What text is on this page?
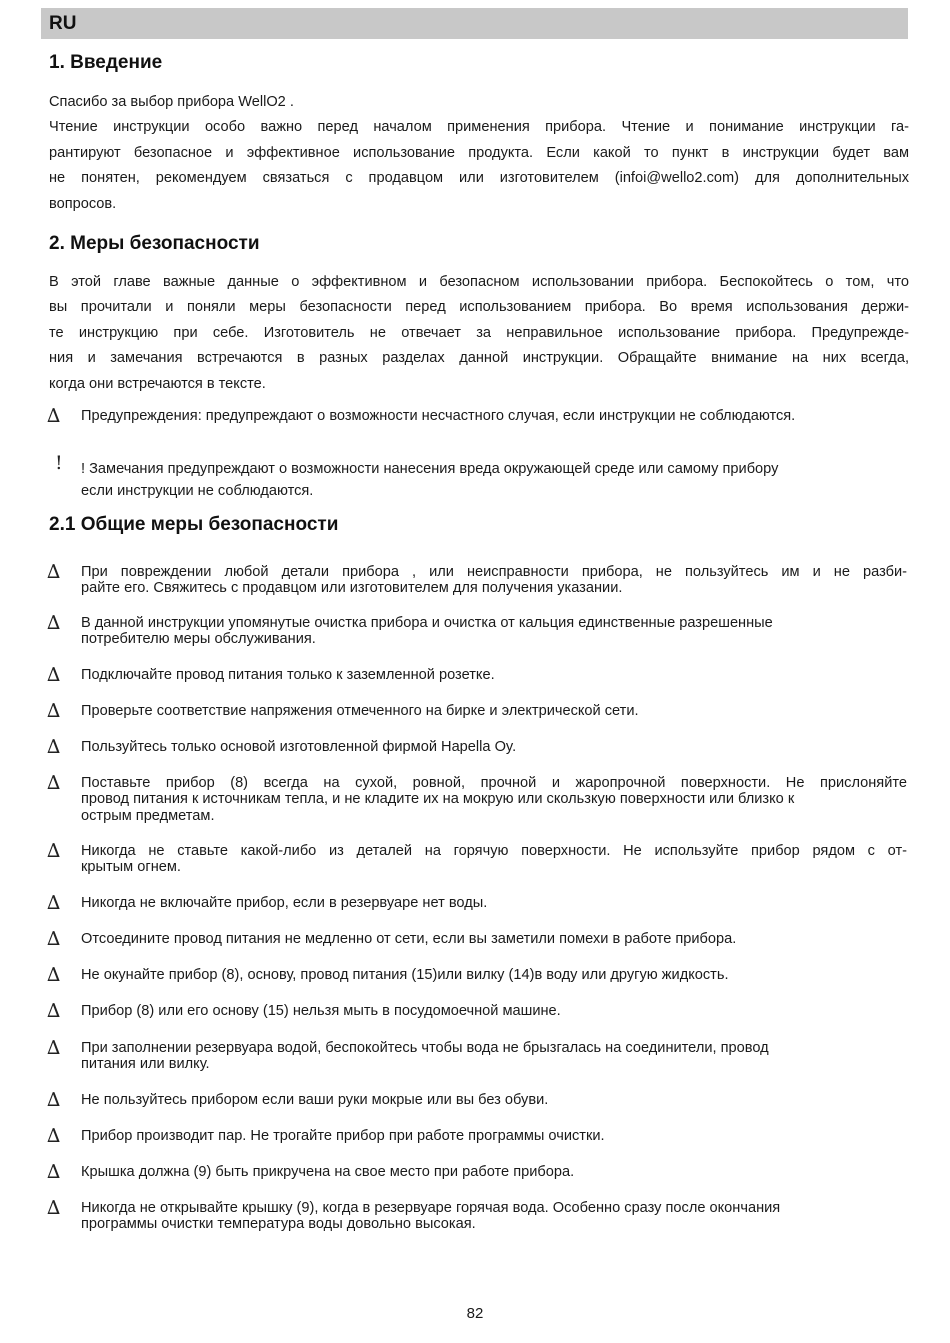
RU
1. Введение

Спасибо за выбор прибора WellO2 .
Чтение инструкции особо важно перед началом применения прибора. Чтение и понимание инструкции га-
рантируют безопасное и эффективное использование продукта. Если какой то пункт в инструкции будет вам
не понятен, рекомендуем связаться с продавцом или изготовителем (infoi@wello2.com) для дополнительных
вопросов.

2. Меры безопасности

В этой главе важные данные о эффективном и безопасном использовании прибора. Беспокойтесь о том, что
вы прочитали и поняли меры безопасности перед использованием прибора. Во время использования держи-
те инструкцию при себе. Изготовитель не отвечает за неправильное использование прибора. Предупрежде-
ния и замечания встречаются в разных разделах данной инструкции. Обращайте внимание на них всегда,
когда они встречаются в тексте.

∆	Предупреждения: предупреждают о возможности несчастного случая, если инструкции не соблюдаются.
!	! Замечания предупреждают о возможности нанесения вреда окружающей среде или самому прибору
если инструкции не соблюдаются.
2.1 Общие меры безопасности
∆	При повреждении любой детали прибора , или неисправности прибора, не пользуйтесь им и не разби-
райте его. Свяжитесь с продавцом или изготовителем для получения указании.
∆	В данной инструкции упомянутые очистка прибора и очистка от кальция единственные разрешенные
потребителю меры обслуживания.
∆	Подключайте провод питания только к заземленной розетке.
∆	Проверьте соответствие напряжения отмеченного на бирке и электрической сети.
∆	Пользуйтесь только основой изготовленной фирмой Hapella Oy.
∆	Поставьте прибор (8) всегда на сухой, ровной, прочной и жаропрочной поверхности. Не прислоняйте
провод питания к источникам тепла, и не кладите их на мокрую или скользкую поверхности или близко к
острым предметам.
∆	Никогда не ставьте какой-либо из деталей на горячую поверхности. Не используйте прибор рядом с от-
крытым огнем.
∆	Никогда не включайте прибор, если в резервуаре нет воды.
∆	Отсоедините провод питания не медленно от сети, если вы заметили помехи в работе прибора.
∆	Не окунайте прибор (8), основу, провод питания (15)или вилку (14)в воду или другую жидкость.
∆	Прибор (8) или его основу (15) нельзя мыть в посудомоечной машине.
∆	При заполнении резервуара водой, беспокойтесь чтобы вода не брызгалась на соединители, провод
питания или вилку.
∆	Не пользуйтесь прибором если ваши руки мокрые или вы без обуви.
∆	Прибор производит пар. Не трогайте прибор при работе программы очистки.
∆	Крышка должна (9) быть прикручена на свое место при работе прибора.
∆	Никогда не открывайте крышку (9), когда в резервуаре горячая вода. Особенно сразу после окончания
программы очистки температура воды довольно высокая.
82
